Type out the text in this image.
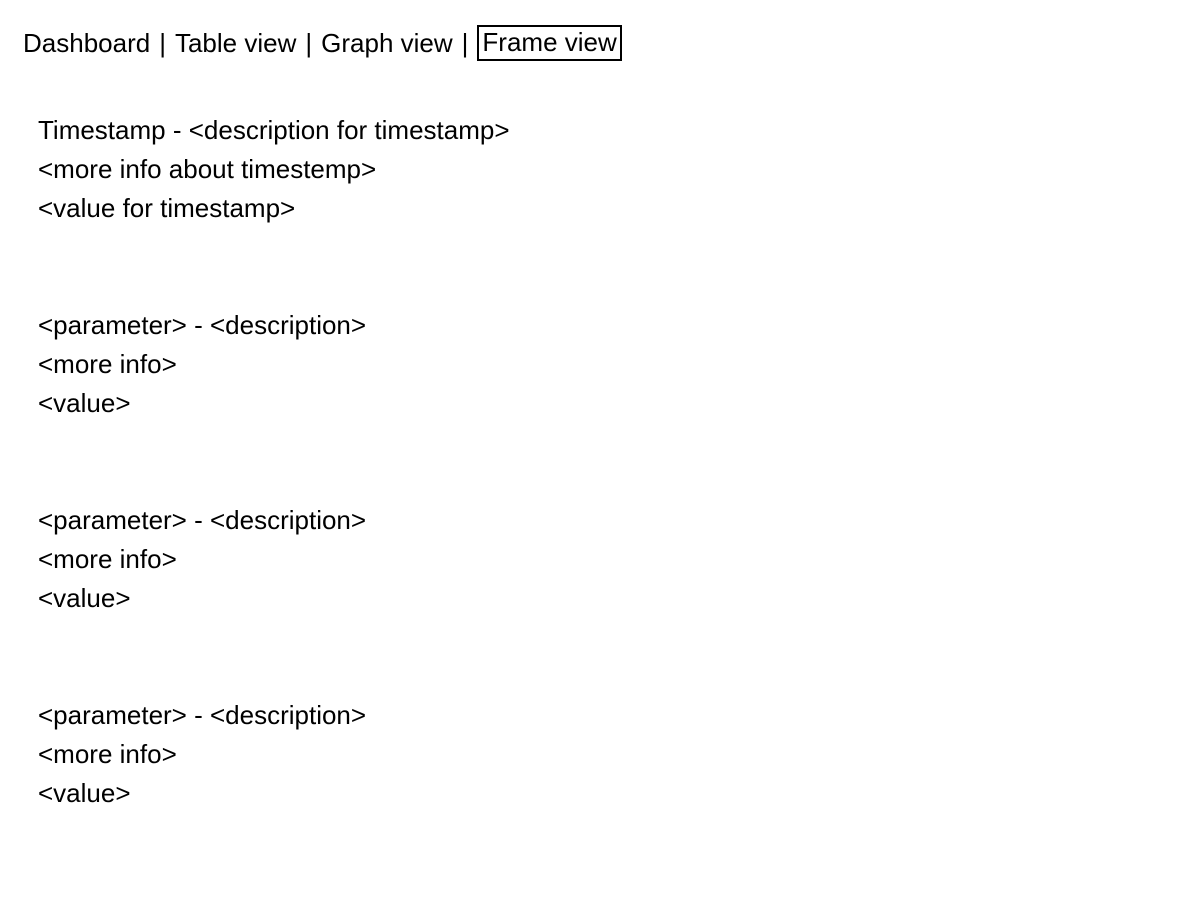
Dashboard | Table view | Graph view | Frame view
Timestamp - <description for timestamp>
<more info about timestemp>
<value for timestamp>
<parameter> - <description>
<more info>
<value>
<parameter> - <description>
<more info>
<value>
<parameter> - <description>
<more info>
<value>
